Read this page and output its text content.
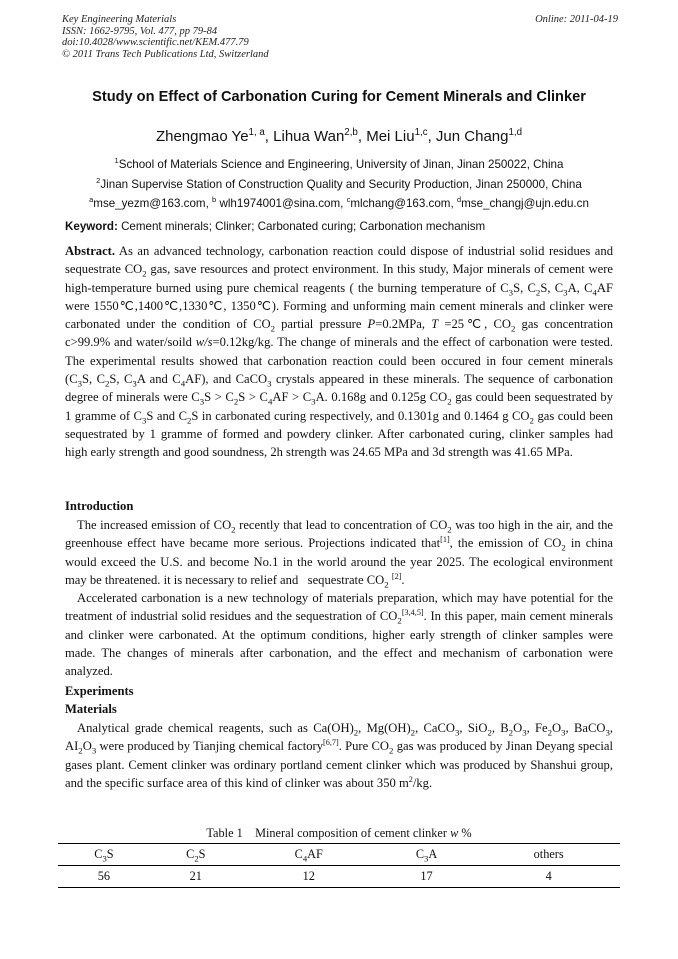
Key Engineering Materials
ISSN: 1662-9795, Vol. 477, pp 79-84
doi:10.4028/www.scientific.net/KEM.477.79
© 2011 Trans Tech Publications Ltd, Switzerland
Online: 2011-04-19
Study on Effect of Carbonation Curing for Cement Minerals and Clinker
Zhengmao Ye$^{1, a}$, Lihua Wan$^{2,b}$, Mei Liu$^{1,c}$, Jun Chang$^{1,d}$
$^1$School of Materials Science and Engineering, University of Jinan, Jinan 250022, China
$^2$Jinan Supervise Station of Construction Quality and Security Production, Jinan 250000, China
$^a$mse_yezm@163.com, $^b$ wlh1974001@sina.com, $^c$mlchang@163.com, $^d$mse_changj@ujn.edu.cn
Keyword: Cement minerals; Clinker; Carbonated curing; Carbonation mechanism
Abstract. As an advanced technology, carbonation reaction could dispose of industrial solid residues and sequestrate $CO_2$ gas, save resources and protect environment. In this study, Major minerals of cement were high-temperature burned using pure chemical reagents ( the burning temperature of $C_3S$, $C_2S$, $C_3A$, $C_4AF$ were 1550℃,1400℃,1330℃, 1350℃). Forming and unforming main cement minerals and clinker were carbonated under the condition of $CO_2$ partial pressure P=0.2MPa, T =25℃, $CO_2$ gas concentration c>99.9% and water/soild w/s=0.12kg/kg. The change of minerals and the effect of carbonation were tested. The experimental results showed that carbonation reaction could been occured in four cement minerals ($C_3S$, $C_2S$, $C_3A$ and $C_4AF$), and CaCO$_3$ crystals appeared in these minerals. The sequence of carbonation degree of minerals were $C_3S > C_2S > C_4AF > C_3A$. 0.168g and 0.125g $CO_2$ gas could been sequestrated by 1 gramme of $C_3S$ and $C_2S$ in carbonated curing respectively, and 0.1301g and 0.1464 g $CO_2$ gas could been sequestrated by 1 gramme of formed and powdery clinker. After carbonated curing, clinker samples had high early strength and good soundness, 2h strength was 24.65 MPa and 3d strength was 41.65 MPa.
Introduction
The increased emission of $CO_2$ recently that lead to concentration of $CO_2$ was too high in the air, and the greenhouse effect have became more serious. Projections indicated that[1], the emission of $CO_2$ in china would exceed the U.S. and become No.1 in the world around the year 2025. The ecological environment may be threatened. it is necessary to relief and   sequestrate $CO_2$ [2].
Accelerated carbonation is a new technology of materials preparation, which may have potential for the treatment of industrial solid residues and the sequestration of $CO_2[3,4,5]$. In this paper, main cement minerals and clinker were carbonated. At the optimum conditions, higher early strength of clinker samples were made. The changes of minerals after carbonation, and the effect and mechanism of carbonation were analyzed.
Experiments
Materials
Analytical grade chemical reagents, such as $Ca(OH)_2$, $Mg(OH)_2$, CaCO$_3$, SiO$_2$, $B_2O_3$, $Fe_2O_3$, BaCO$_3$, $AI_2O_3$ were produced by Tianjing chemical factory[6,7]. Pure $CO_2$ gas was produced by Jinan Deyang special gases plant. Cement clinker was ordinary portland cement clinker which was produced by Shanshui group, and the specific surface area of this kind of clinker was about 350 $m^2/kg$.
Table 1 Mineral composition of cement clinker w %
$C_3S$	$C_2S$	$C_4AF$	$C_3A$	others
56	21	12	17	4
